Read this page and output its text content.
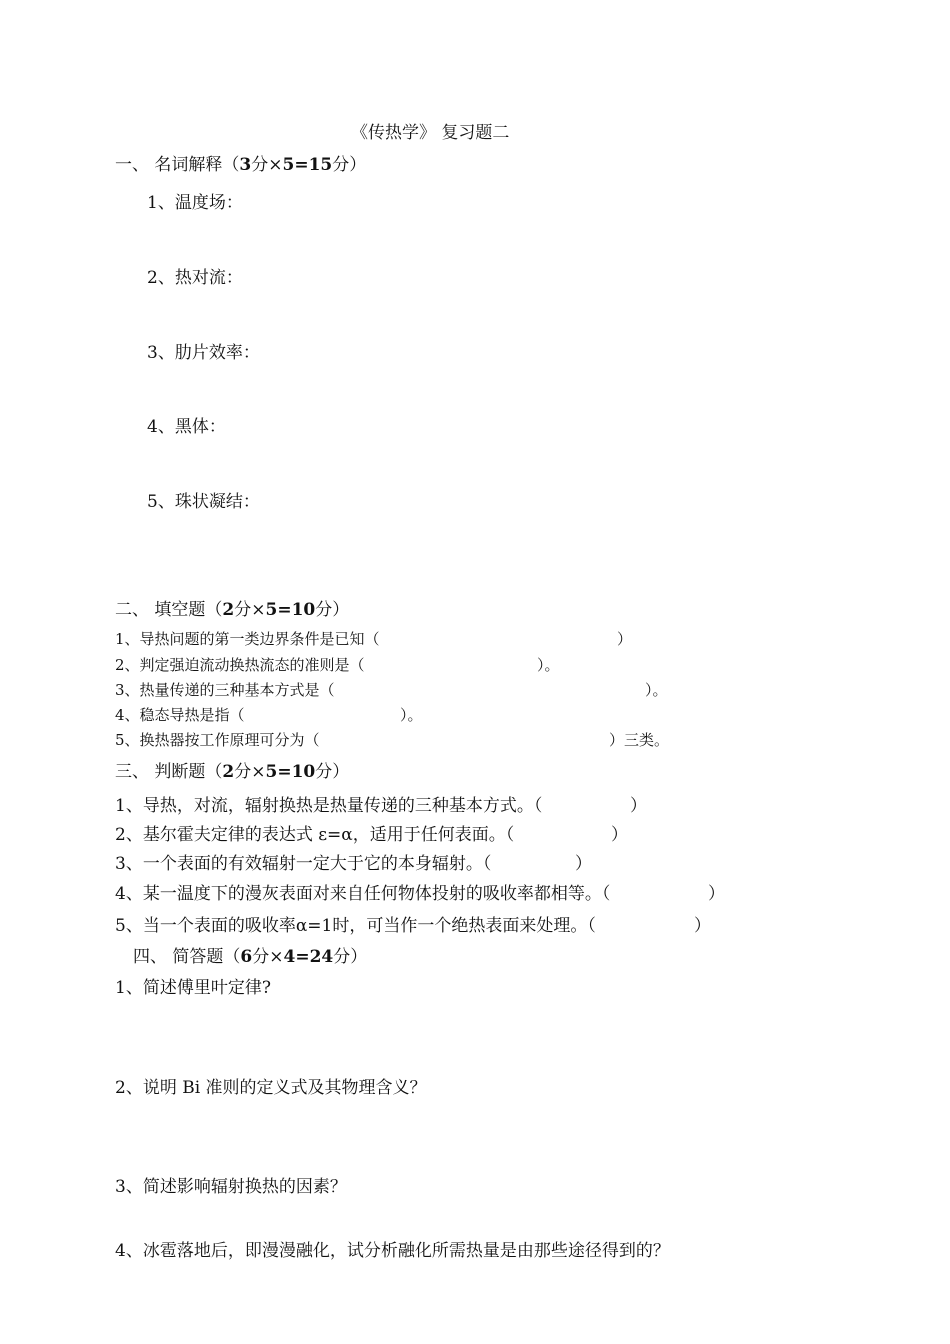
《传热学》 复习题二
一、 名词解释（3分×5=15分）
1、温度场：
2、热对流：
3、肋片效率：
4、黑体：
5、珠状凝结：
二、 填空题（2分×5=10分）
1、导热问题的第一类边界条件是已知（	）
2、判定强迫流动换热流态的准则是（	）。
3、热量传递的三种基本方式是（	）。
4、稳态导热是指（	）。
5、换热器按工作原理可分为（	）三类。
三、 判断题（2分×5=10分）
1、导热，对流，辐射换热是热量传递的三种基本方式。（	）
2、基尔霍夫定律的表达式 ε=α，适用于任何表面。（	）
3、一个表面的有效辐射一定大于它的本身辐射。（	）
4、某一温度下的漫灰表面对来自任何物体投射的吸收率都相等。（	）
5、当一个表面的吸收率α=1时，可当作一个绝热表面来处理。（	）
四、 简答题（6分×4=24分）
1、简述傅里叶定律?
2、说明 Bi 准则的定义式及其物理含义？
3、简述影响辐射换热的因素？
4、冰雹落地后，即漫漫融化，试分析融化所需热量是由那些途径得到的？
